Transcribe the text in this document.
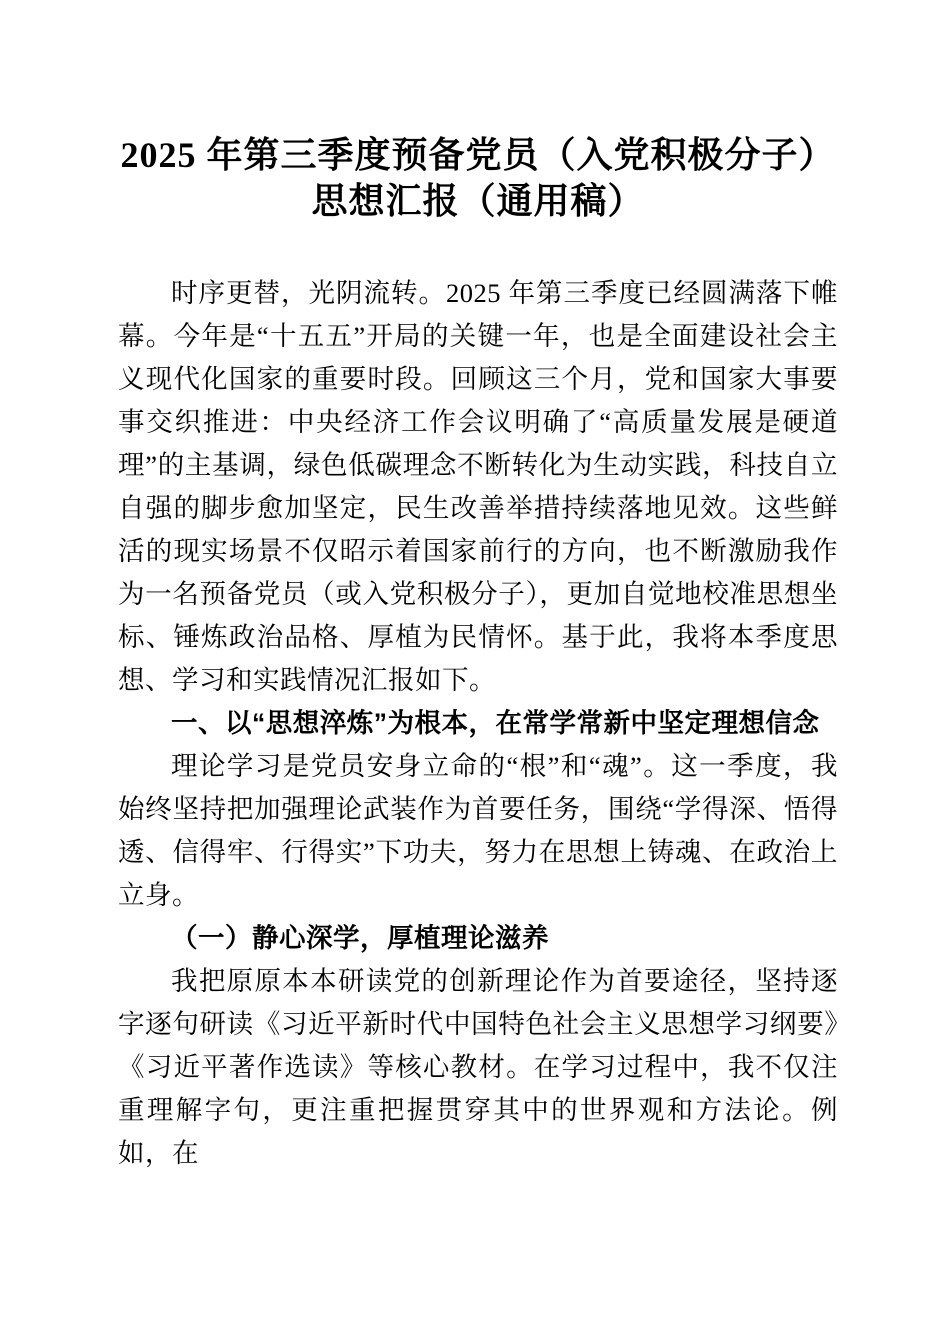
2025 年第三季度预备党员（入党积极分子）
思想汇报（通用稿）

时序更替，光阴流转。2025 年第三季度已经圆满落下帷幕。今年是“十五五”开局的关键一年，也是全面建设社会主义现代化国家的重要时段。回顾这三个月，党和国家大事要事交织推进：中央经济工作会议明确了“高质量发展是硬道理”的主基调，绿色低碳理念不断转化为生动实践，科技自立自强的脚步愈加坚定，民生改善举措持续落地见效。这些鲜活的现实场景不仅昭示着国家前行的方向，也不断激励我作为一名预备党员（或入党积极分子），更加自觉地校准思想坐标、锤炼政治品格、厚植为民情怀。基于此，我将本季度思想、学习和实践情况汇报如下。

一、以“思想淬炼”为根本，在常学常新中坚定理想信念

理论学习是党员安身立命的“根”和“魂”。这一季度，我始终坚持把加强理论武装作为首要任务，围绕“学得深、悟得透、信得牢、行得实”下功夫，努力在思想上铸魂、在政治上立身。

（一）静心深学，厚植理论滋养

我把原原本本研读党的创新理论作为首要途径，坚持逐字逐句研读《习近平新时代中国特色社会主义思想学习纲要》《习近平著作选读》等核心教材。在学习过程中，我不仅注重理解字句，更注重把握贯穿其中的世界观和方法论。例如，在
